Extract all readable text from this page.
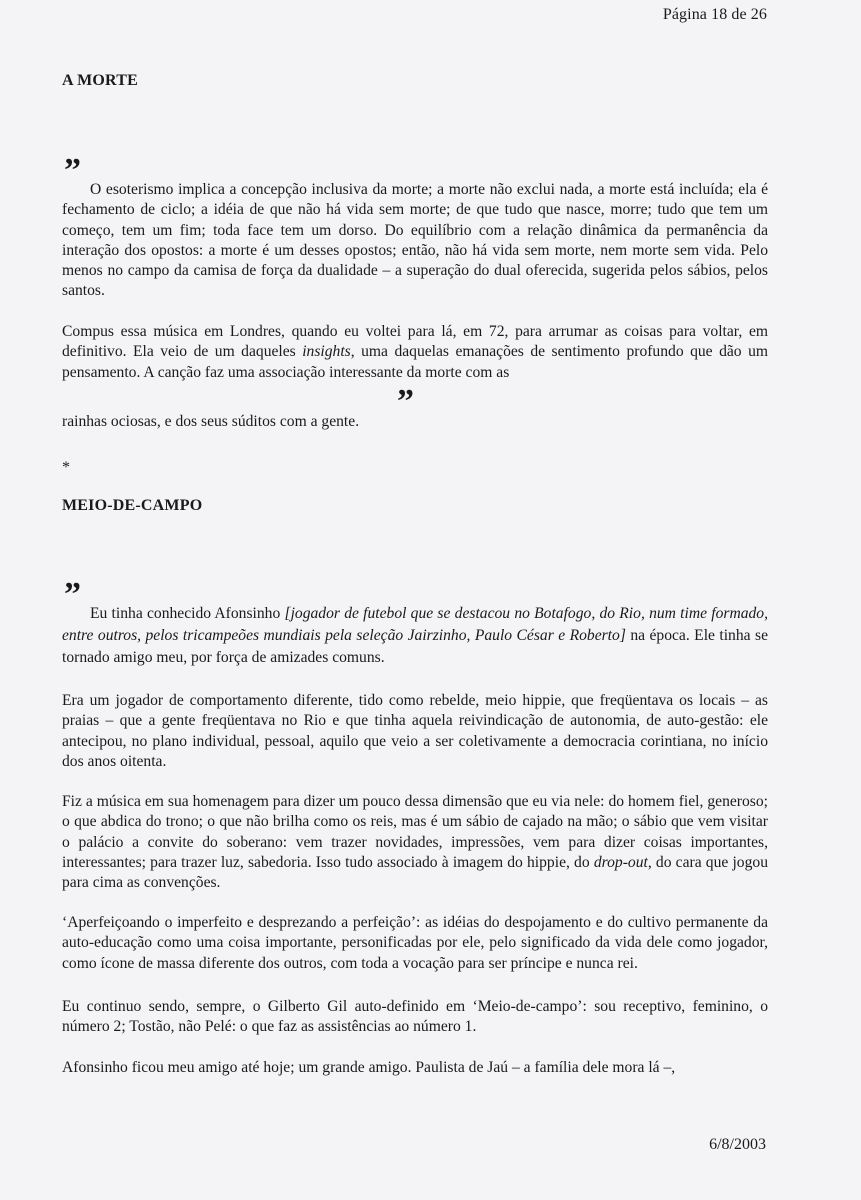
Página 18 de 26
A MORTE
”

O esoterismo implica a concepção inclusiva da morte; a morte não exclui nada, a morte está incluída; ela é fechamento de ciclo; a idéia de que não há vida sem morte; de que tudo que nasce, morre; tudo que tem um começo, tem um fim; toda face tem um dorso. Do equilíbrio com a relação dinâmica da permanência da interação dos opostos: a morte é um desses opostos; então, não há vida sem morte, nem morte sem vida. Pelo menos no campo da camisa de força da dualidade – a superação do dual oferecida, sugerida pelos sábios, pelos santos.

Compus essa música em Londres, quando eu voltei para lá, em 72, para arrumar as coisas para voltar, em definitivo. Ela veio de um daqueles insights, uma daquelas emanações de sentimento profundo que dão um pensamento. A canção faz uma associação interessante da morte com as

”

rainhas ociosas, e dos seus súditos com a gente.

*
MEIO-DE-CAMPO
”

Eu tinha conhecido Afonsinho [jogador de futebol que se destacou no Botafogo, do Rio, num time formado, entre outros, pelos tricampeões mundiais pela seleção Jairzinho, Paulo César e Roberto] na época. Ele tinha se tornado amigo meu, por força de amizades comuns.

Era um jogador de comportamento diferente, tido como rebelde, meio hippie, que freqüentava os locais – as praias – que a gente freqüentava no Rio e que tinha aquela reivindicação de autonomia, de auto-gestão: ele antecipou, no plano individual, pessoal, aquilo que veio a ser coletivamente a democracia corintiana, no início dos anos oitenta.

Fiz a música em sua homenagem para dizer um pouco dessa dimensão que eu via nele: do homem fiel, generoso; o que abdica do trono; o que não brilha como os reis, mas é um sábio de cajado na mão; o sábio que vem visitar o palácio a convite do soberano: vem trazer novidades, impressões, vem para dizer coisas importantes, interessantes; para trazer luz, sabedoria. Isso tudo associado à imagem do hippie, do drop-out, do cara que jogou para cima as convenções.

‘Aperfeiçoando o imperfeito e desprezando a perfeição’: as idéias do despojamento e do cultivo permanente da auto-educação como uma coisa importante, personificadas por ele, pelo significado da vida dele como jogador, como ícone de massa diferente dos outros, com toda a vocação para ser príncipe e nunca rei.

Eu continuo sendo, sempre, o Gilberto Gil auto-definido em ‘Meio-de-campo’: sou receptivo, feminino, o número 2; Tostão, não Pelé: o que faz as assistências ao número 1.

Afonsinho ficou meu amigo até hoje; um grande amigo. Paulista de Jaú – a família dele mora lá –,

6/8/2003
